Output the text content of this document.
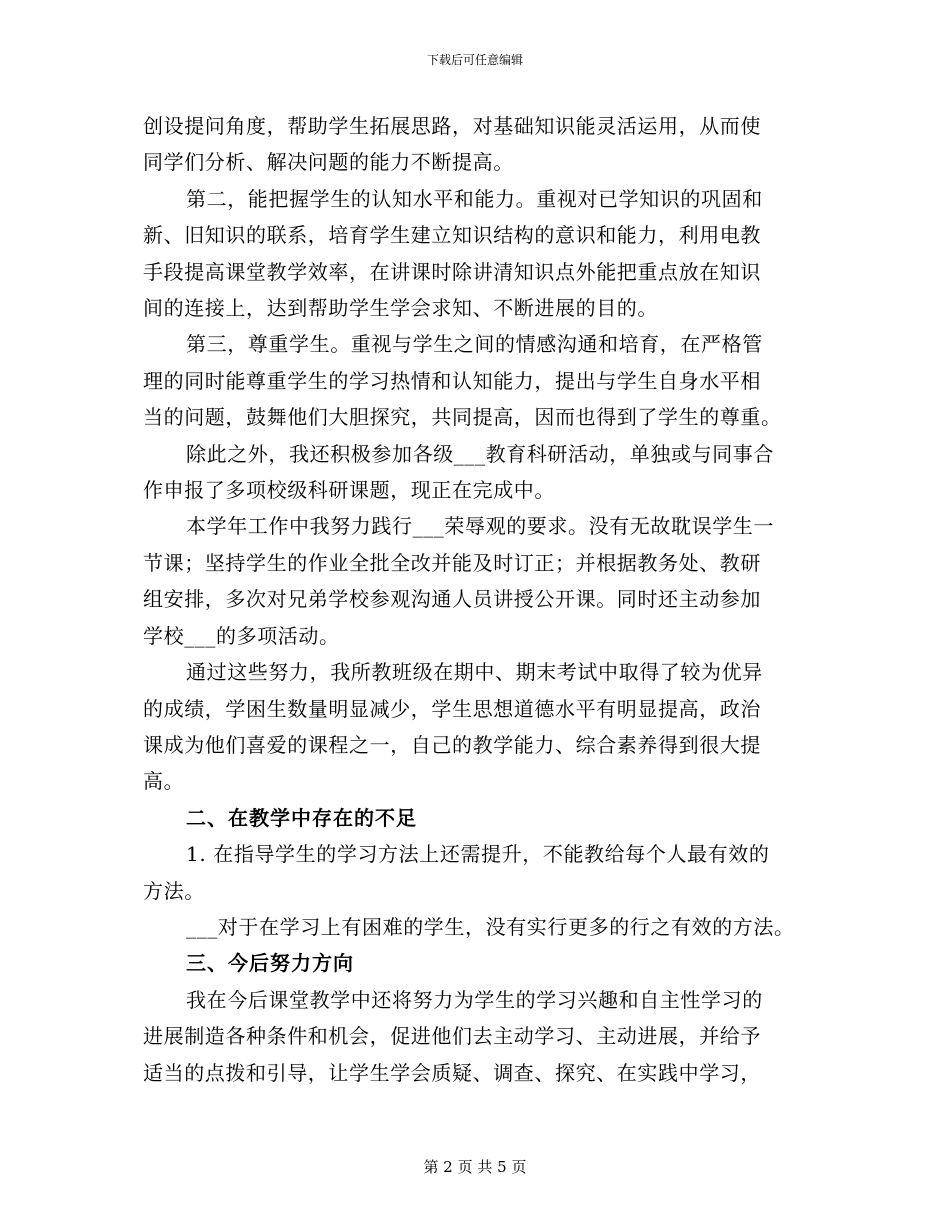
下载后可任意编辑
创设提问角度，帮助学生拓展思路，对基础知识能灵活运用，从而使
同学们分析、解决问题的能力不断提高。
第二，能把握学生的认知水平和能力。重视对已学知识的巩固和
新、旧知识的联系，培育学生建立知识结构的意识和能力，利用电教
手段提高课堂教学效率，在讲课时除讲清知识点外能把重点放在知识
间的连接上，达到帮助学生学会求知、不断进展的目的。
第三，尊重学生。重视与学生之间的情感沟通和培育，在严格管
理的同时能尊重学生的学习热情和认知能力，提出与学生自身水平相
当的问题，鼓舞他们大胆探究，共同提高，因而也得到了学生的尊重。
除此之外，我还积极参加各级___教育科研活动，单独或与同事合
作申报了多项校级科研课题，现正在完成中。
本学年工作中我努力践行___荣辱观的要求。没有无故耽误学生一
节课；坚持学生的作业全批全改并能及时订正；并根据教务处、教研
组安排，多次对兄弟学校参观沟通人员讲授公开课。同时还主动参加
学校___的多项活动。
通过这些努力，我所教班级在期中、期末考试中取得了较为优异
的成绩，学困生数量明显减少，学生思想道德水平有明显提高，政治
课成为他们喜爱的课程之一，自己的教学能力、综合素养得到很大提
高。
二、在教学中存在的不足
1. 在指导学生的学习方法上还需提升，不能教给每个人最有效的
方法。
___对于在学习上有困难的学生，没有实行更多的行之有效的方法。
三、今后努力方向
我在今后课堂教学中还将努力为学生的学习兴趣和自主性学习的
进展制造各种条件和机会，促进他们去主动学习、主动进展，并给予
适当的点拨和引导，让学生学会质疑、调查、探究、在实践中学习，
第 2 页 共 5 页
